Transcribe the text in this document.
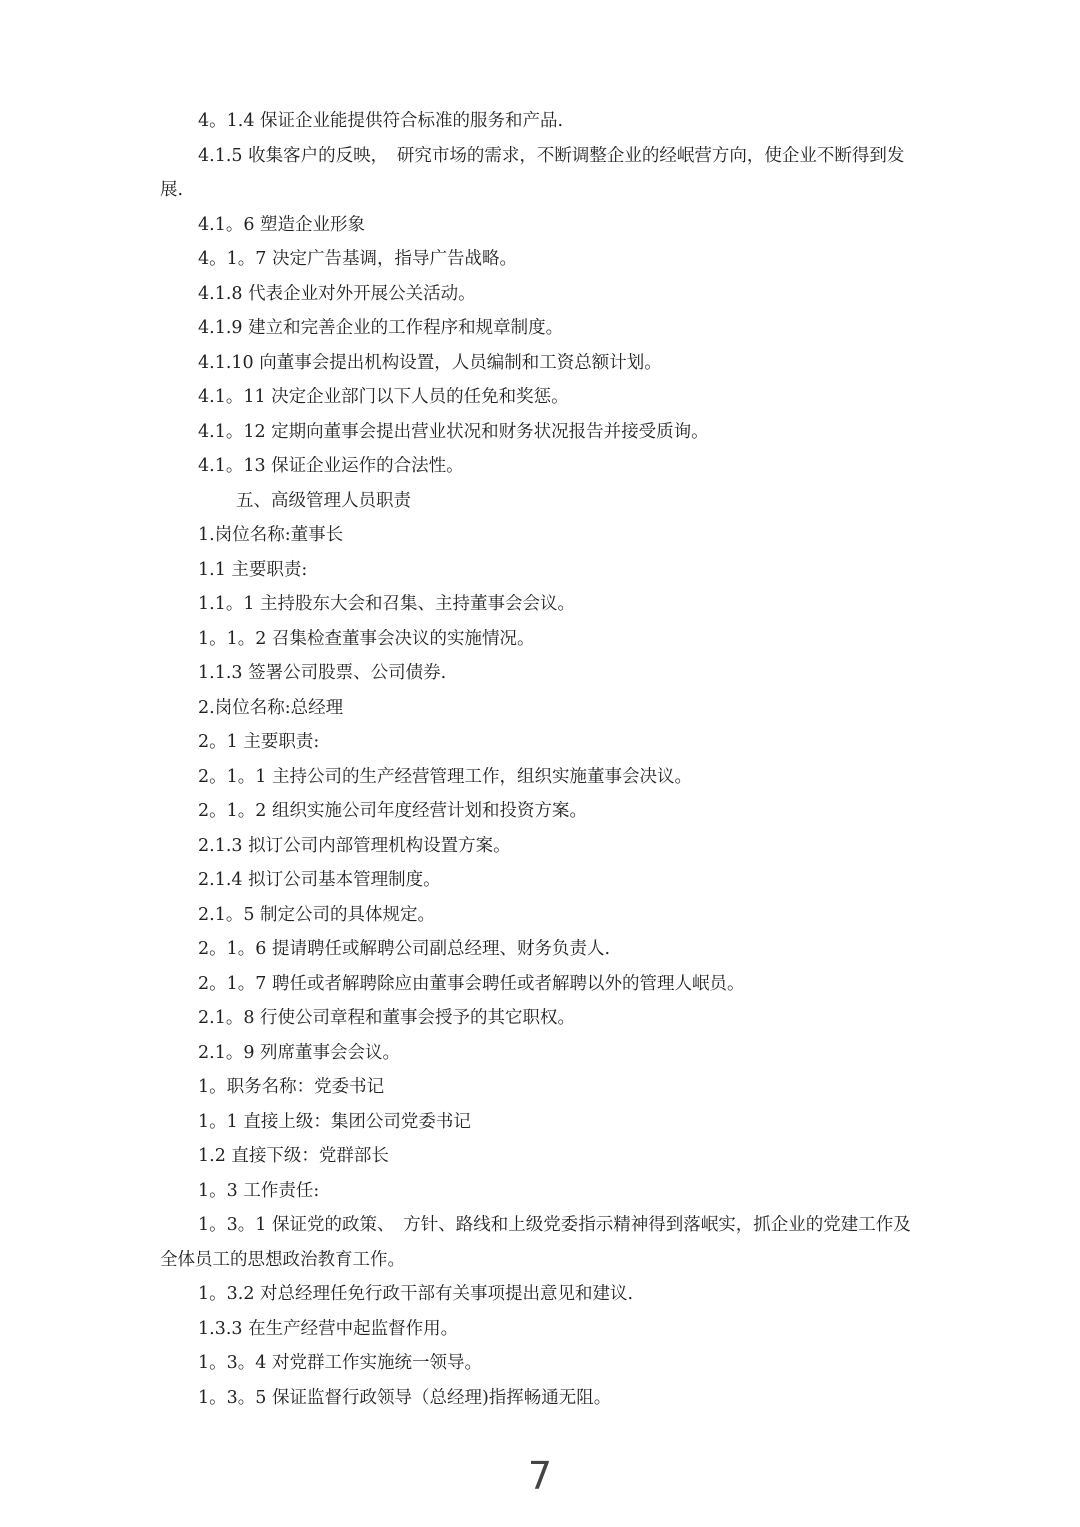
4。1.4 保证企业能提供符合标准的服务和产品.

4.1.5 收集客户的反映，　研究市场的需求，不断调整企业的经岷营方向，使企业不断得到发展.

4.1。6 塑造企业形象

4。1。7 决定广告基调，指导广告战略。

4.1.8 代表企业对外开展公关活动。

4.1.9 建立和完善企业的工作程序和规章制度。

4.1.10 向董事会提出机构设置，人员编制和工资总额计划。

4.1。11 决定企业部门以下人员的任免和奖惩。

4.1。12 定期向董事会提出营业状况和财务状况报告并接受质询。

4.1。13 保证企业运作的合法性。

五、高级管理人员职责

1.岗位名称:董事长

1.1 主要职责:

1.1。1 主持股东大会和召集、主持董事会会议。

1。1。2 召集检查董事会决议的实施情况。

1.1.3 签署公司股票、公司债券.

2.岗位名称:总经理

2。1 主要职责:

2。1。1 主持公司的生产经营管理工作，组织实施董事会决议。

2。1。2 组织实施公司年度经营计划和投资方案。

2.1.3 拟订公司内部管理机构设置方案。

2.1.4 拟订公司基本管理制度。

2.1。5 制定公司的具体规定。

2。1。6 提请聘任或解聘公司副总经理、财务负责人.

2。1。7 聘任或者解聘除应由董事会聘任或者解聘以外的管理人岷员。

2.1。8 行使公司章程和董事会授予的其它职权。

2.1。9 列席董事会会议。

1。职务名称：党委书记

1。1 直接上级：集团公司党委书记

1.2 直接下级：党群部长

1。3 工作责任:

1。3。1 保证党的政策、　方针、路线和上级党委指示精神得到落岷实，抓企业的党建工作及全体员工的思想政治教育工作。

1。3.2 对总经理任免行政干部有关事项提出意见和建议.

1.3.3 在生产经营中起监督作用。

1。3。4 对党群工作实施统一领导。

1。3。5 保证监督行政领导（总经理)指挥畅通无阻。

7
